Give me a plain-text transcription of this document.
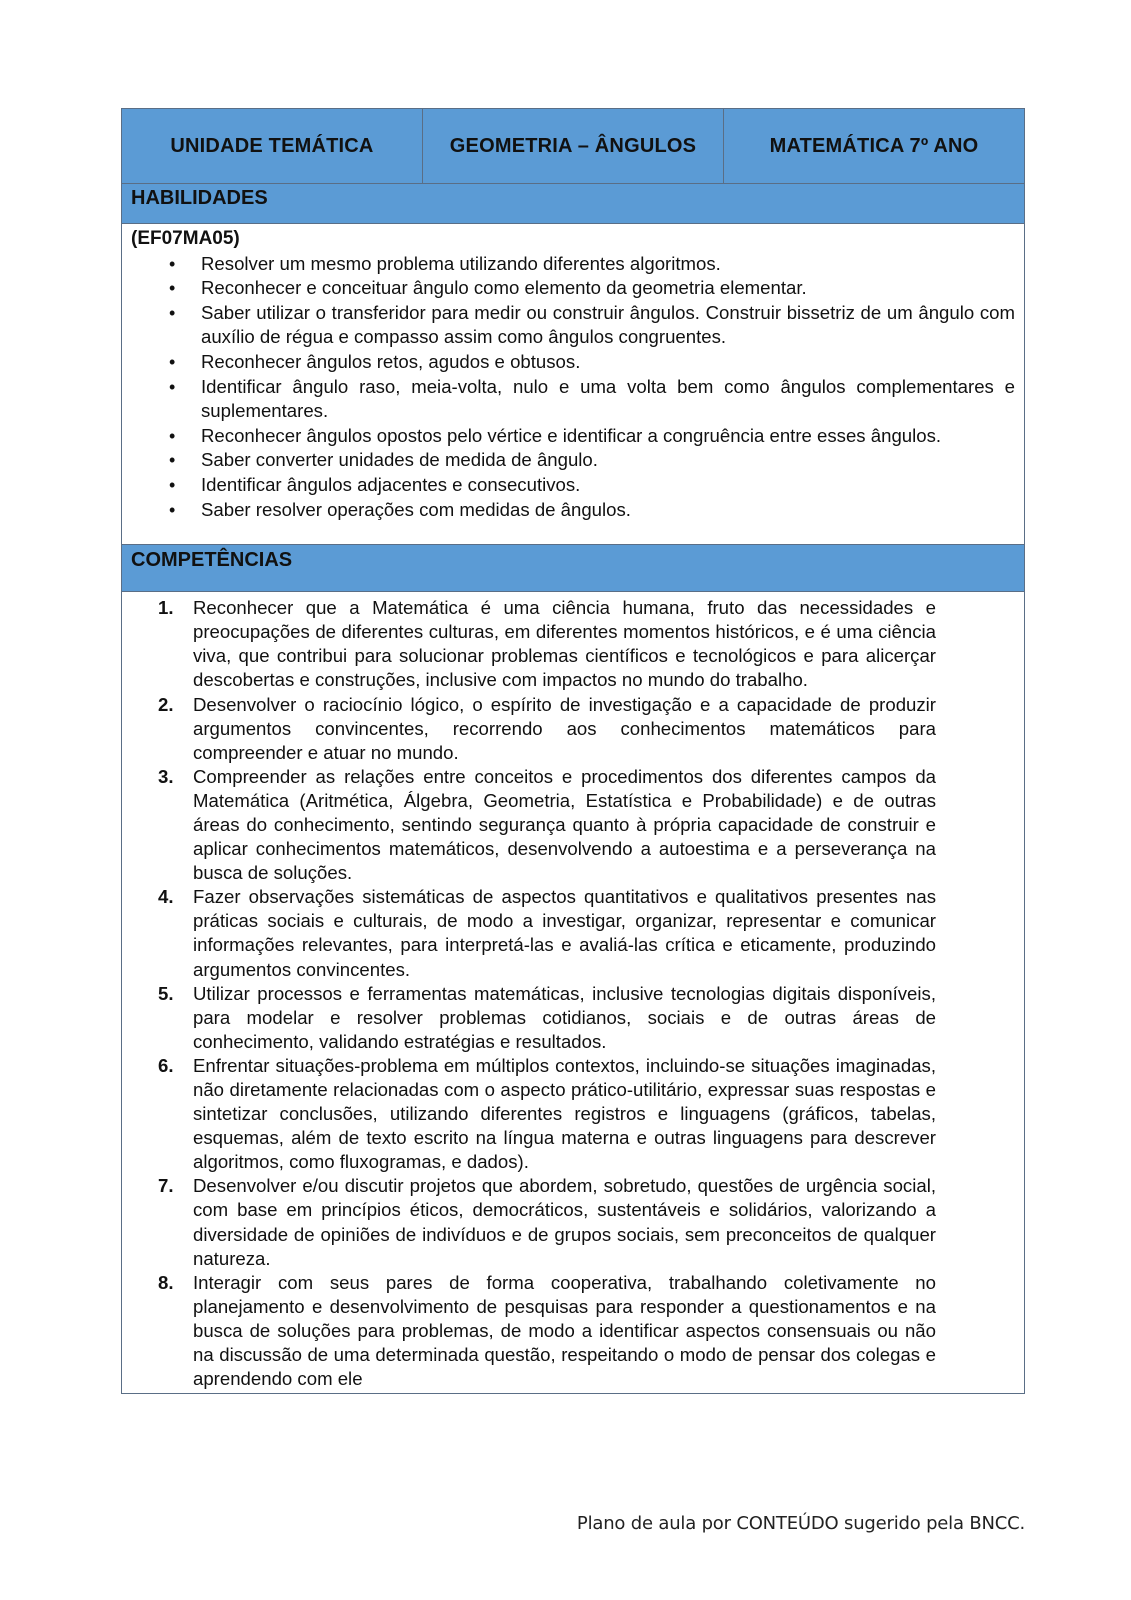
UNIDADE TEMÁTICA	GEOMETRIA – ÂNGULOS	MATEMÁTICA 7º ANO
HABILIDADES
(EF07MA05)
• Resolver um mesmo problema utilizando diferentes algoritmos.
• Reconhecer e conceituar ângulo como elemento da geometria elementar.
• Saber utilizar o transferidor para medir ou construir ângulos. Construir bissetriz de um ângulo com auxílio de régua e compasso assim como ângulos congruentes.
• Reconhecer ângulos retos, agudos e obtusos.
• Identificar ângulo raso, meia-volta, nulo e uma volta bem como ângulos complementares e suplementares.
• Reconhecer ângulos opostos pelo vértice e identificar a congruência entre esses ângulos.
• Saber converter unidades de medida de ângulo.
• Identificar ângulos adjacentes e consecutivos.
• Saber resolver operações com medidas de ângulos.
COMPETÊNCIAS
1. Reconhecer que a Matemática é uma ciência humana, fruto das necessidades e preocupações de diferentes culturas, em diferentes momentos históricos, e é uma ciência viva, que contribui para solucionar problemas científicos e tecnológicos e para alicerçar descobertas e construções, inclusive com impactos no mundo do trabalho.
2. Desenvolver o raciocínio lógico, o espírito de investigação e a capacidade de produzir argumentos convincentes, recorrendo aos conhecimentos matemáticos para compreender e atuar no mundo.
3. Compreender as relações entre conceitos e procedimentos dos diferentes campos da Matemática (Aritmética, Álgebra, Geometria, Estatística e Probabilidade) e de outras áreas do conhecimento, sentindo segurança quanto à própria capacidade de construir e aplicar conhecimentos matemáticos, desenvolvendo a autoestima e a perseverança na busca de soluções.
4. Fazer observações sistemáticas de aspectos quantitativos e qualitativos presentes nas práticas sociais e culturais, de modo a investigar, organizar, representar e comunicar informações relevantes, para interpretá-las e avaliá-las crítica e eticamente, produzindo argumentos convincentes.
5. Utilizar processos e ferramentas matemáticas, inclusive tecnologias digitais disponíveis, para modelar e resolver problemas cotidianos, sociais e de outras áreas de conhecimento, validando estratégias e resultados.
6. Enfrentar situações-problema em múltiplos contextos, incluindo-se situações imaginadas, não diretamente relacionadas com o aspecto prático-utilitário, expressar suas respostas e sintetizar conclusões, utilizando diferentes registros e linguagens (gráficos, tabelas, esquemas, além de texto escrito na língua materna e outras linguagens para descrever algoritmos, como fluxogramas, e dados).
7. Desenvolver e/ou discutir projetos que abordem, sobretudo, questões de urgência social, com base em princípios éticos, democráticos, sustentáveis e solidários, valorizando a diversidade de opiniões de indivíduos e de grupos sociais, sem preconceitos de qualquer natureza.
8. Interagir com seus pares de forma cooperativa, trabalhando coletivamente no planejamento e desenvolvimento de pesquisas para responder a questionamentos e na busca de soluções para problemas, de modo a identificar aspectos consensuais ou não na discussão de uma determinada questão, respeitando o modo de pensar dos colegas e aprendendo com ele
Plano de aula por CONTEÚDO sugerido pela BNCC.
